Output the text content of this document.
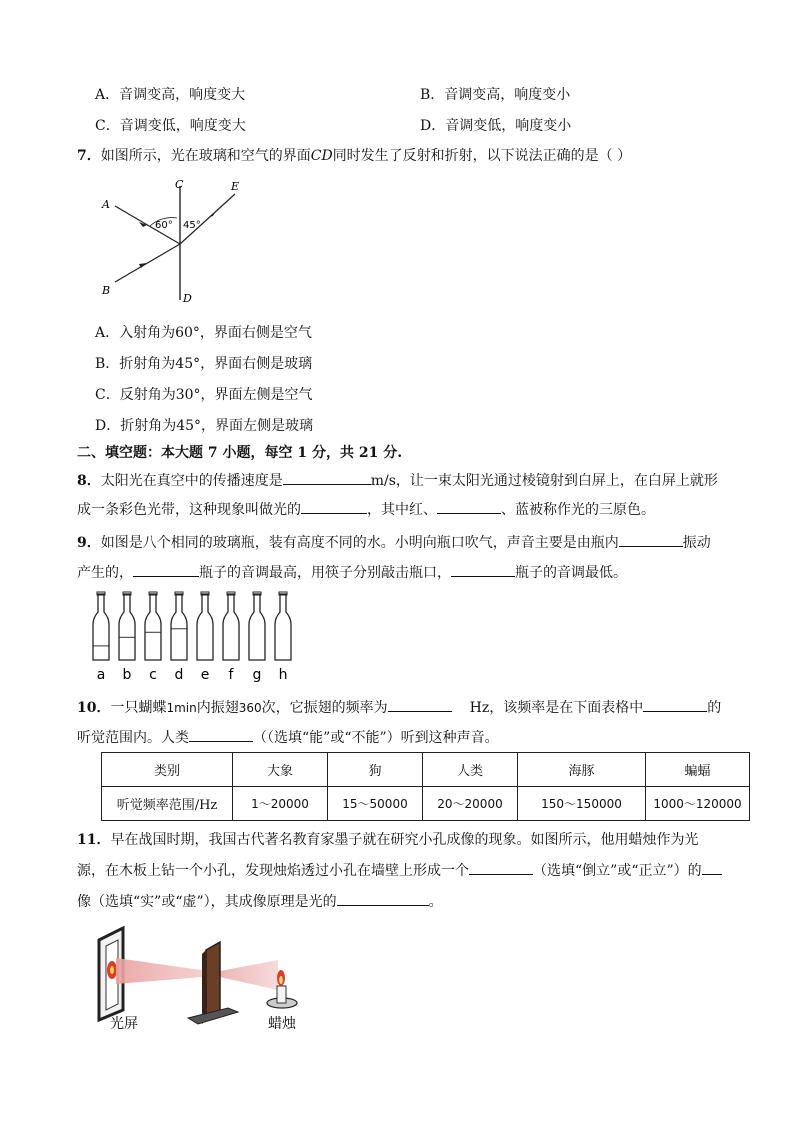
A．音调变高，响度变大	B．音调变高，响度变小
C．音调变低，响度变大	D．音调变低，响度变小
7．如图所示，光在玻璃和空气的界面CD同时发生了反射和折射，以下说法正确的是（ ）
A
B
C
D
E
60° 45°
A．入射角为60°，界面右侧是空气
B．折射角为45°，界面右侧是玻璃
C．反射角为30°，界面左侧是空气
D．折射角为45°，界面左侧是玻璃
二、填空题：本大题 7 小题，每空 1 分，共 21 分.
8．太阳光在真空中的传播速度是	m/s，让一束太阳光通过棱镜射到白屏上，在白屏上就形
成一条彩色光带，这种现象叫做光的	，其中红、	、蓝被称作光的三原色。
9．如图是八个相同的玻璃瓶，装有高度不同的水。小明向瓶口吹气，声音主要是由瓶内	振动
产生的，	瓶子的音调最高，用筷子分别敲击瓶口，	瓶子的音调最低。
a b c d e f g h
10．一只蝴蝶1min内振翅360次，它振翅的频率为	Hz，该频率是在下面表格中	的
听觉范围内。人类	（（选填“能”或“不能”）听到这种声音。
类别	大象	狗	人类	海豚	蝙蝠
听觉频率范围/Hz	1～20000	15～50000	20～20000	150～150000	1000～120000
11．早在战国时期，我国古代著名教育家墨子就在研究小孔成像的现象。如图所示，他用蜡烛作为光
源，在木板上钻一个小孔，发现烛焰透过小孔在墙壁上形成一个	（选填“倒立”或“正立”）的
像（选填“实”或“虚”），其成像原理是光的	。
光屏	蜡烛
